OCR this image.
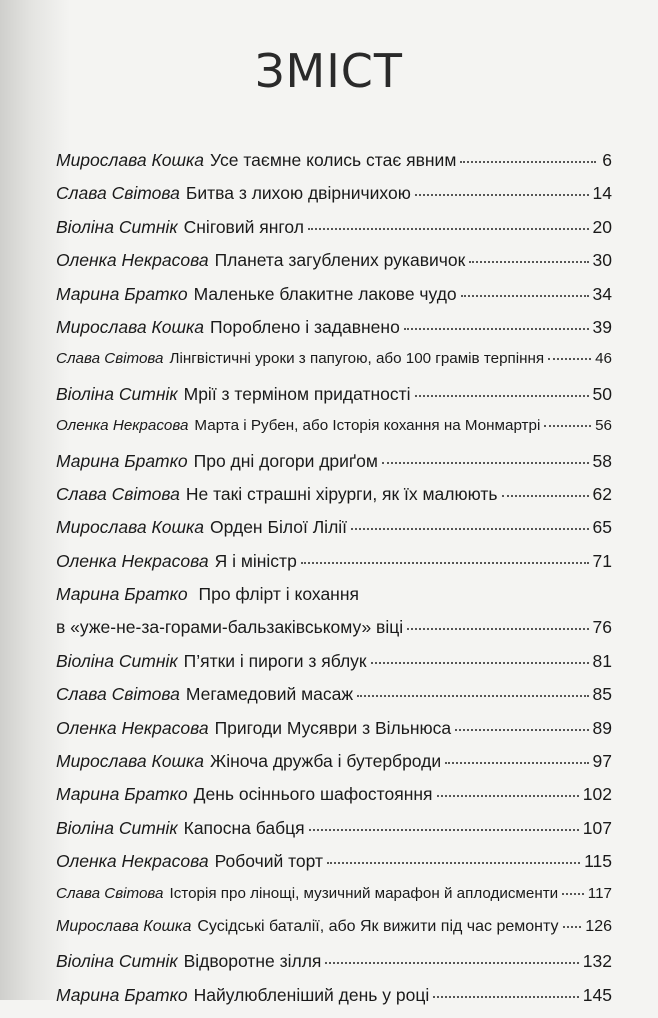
ЗМІСТ
Мирослава Кошка Усе таємне колись стає явним	6
Слава Світова Битва з лихою двірничихою	14
Віоліна Ситнік Сніговий янгол	20
Оленка Некрасова Планета загублених рукавичок	30
Марина Братко Маленьке блакитне лакове чудо	34
Мирослава Кошка Пороблено і задавнено	39
Слава Світова Лінгвістичні уроки з папугою, або 100 грамів терпіння	46
Віоліна Ситнік Мрії з терміном придатності	50
Оленка Некрасова Марта і Рубен, або Історія кохання на Монмартрі	56
Марина Братко Про дні догори дриґом	58
Слава Світова Не такі страшні хірурги, як їх малюють	62
Мирослава Кошка Орден Білої Лілії	65
Оленка Некрасова Я і міністр	71
Марина Братко Про флірт і кохання
в «уже-не-за-горами-бальзаківському» віці	76
Віоліна Ситнік П’ятки і пироги з яблук	81
Слава Світова Мегамедовий масаж	85
Оленка Некрасова Пригоди Мусяври з Вільнюса	89
Мирослава Кошка Жіноча дружба і бутерброди	97
Марина Братко День осіннього шафостояння	102
Віоліна Ситнік Капосна бабця	107
Оленка Некрасова Робочий торт	115
Слава Світова Історія про лінощі, музичний марафон й аплодисменти 117
Мирослава Кошка Сусідські баталії, або Як вижити під час ремонту 126
Віоліна Ситнік Відворотне зілля	132
Марина Братко Найулюбленіший день у році	145
